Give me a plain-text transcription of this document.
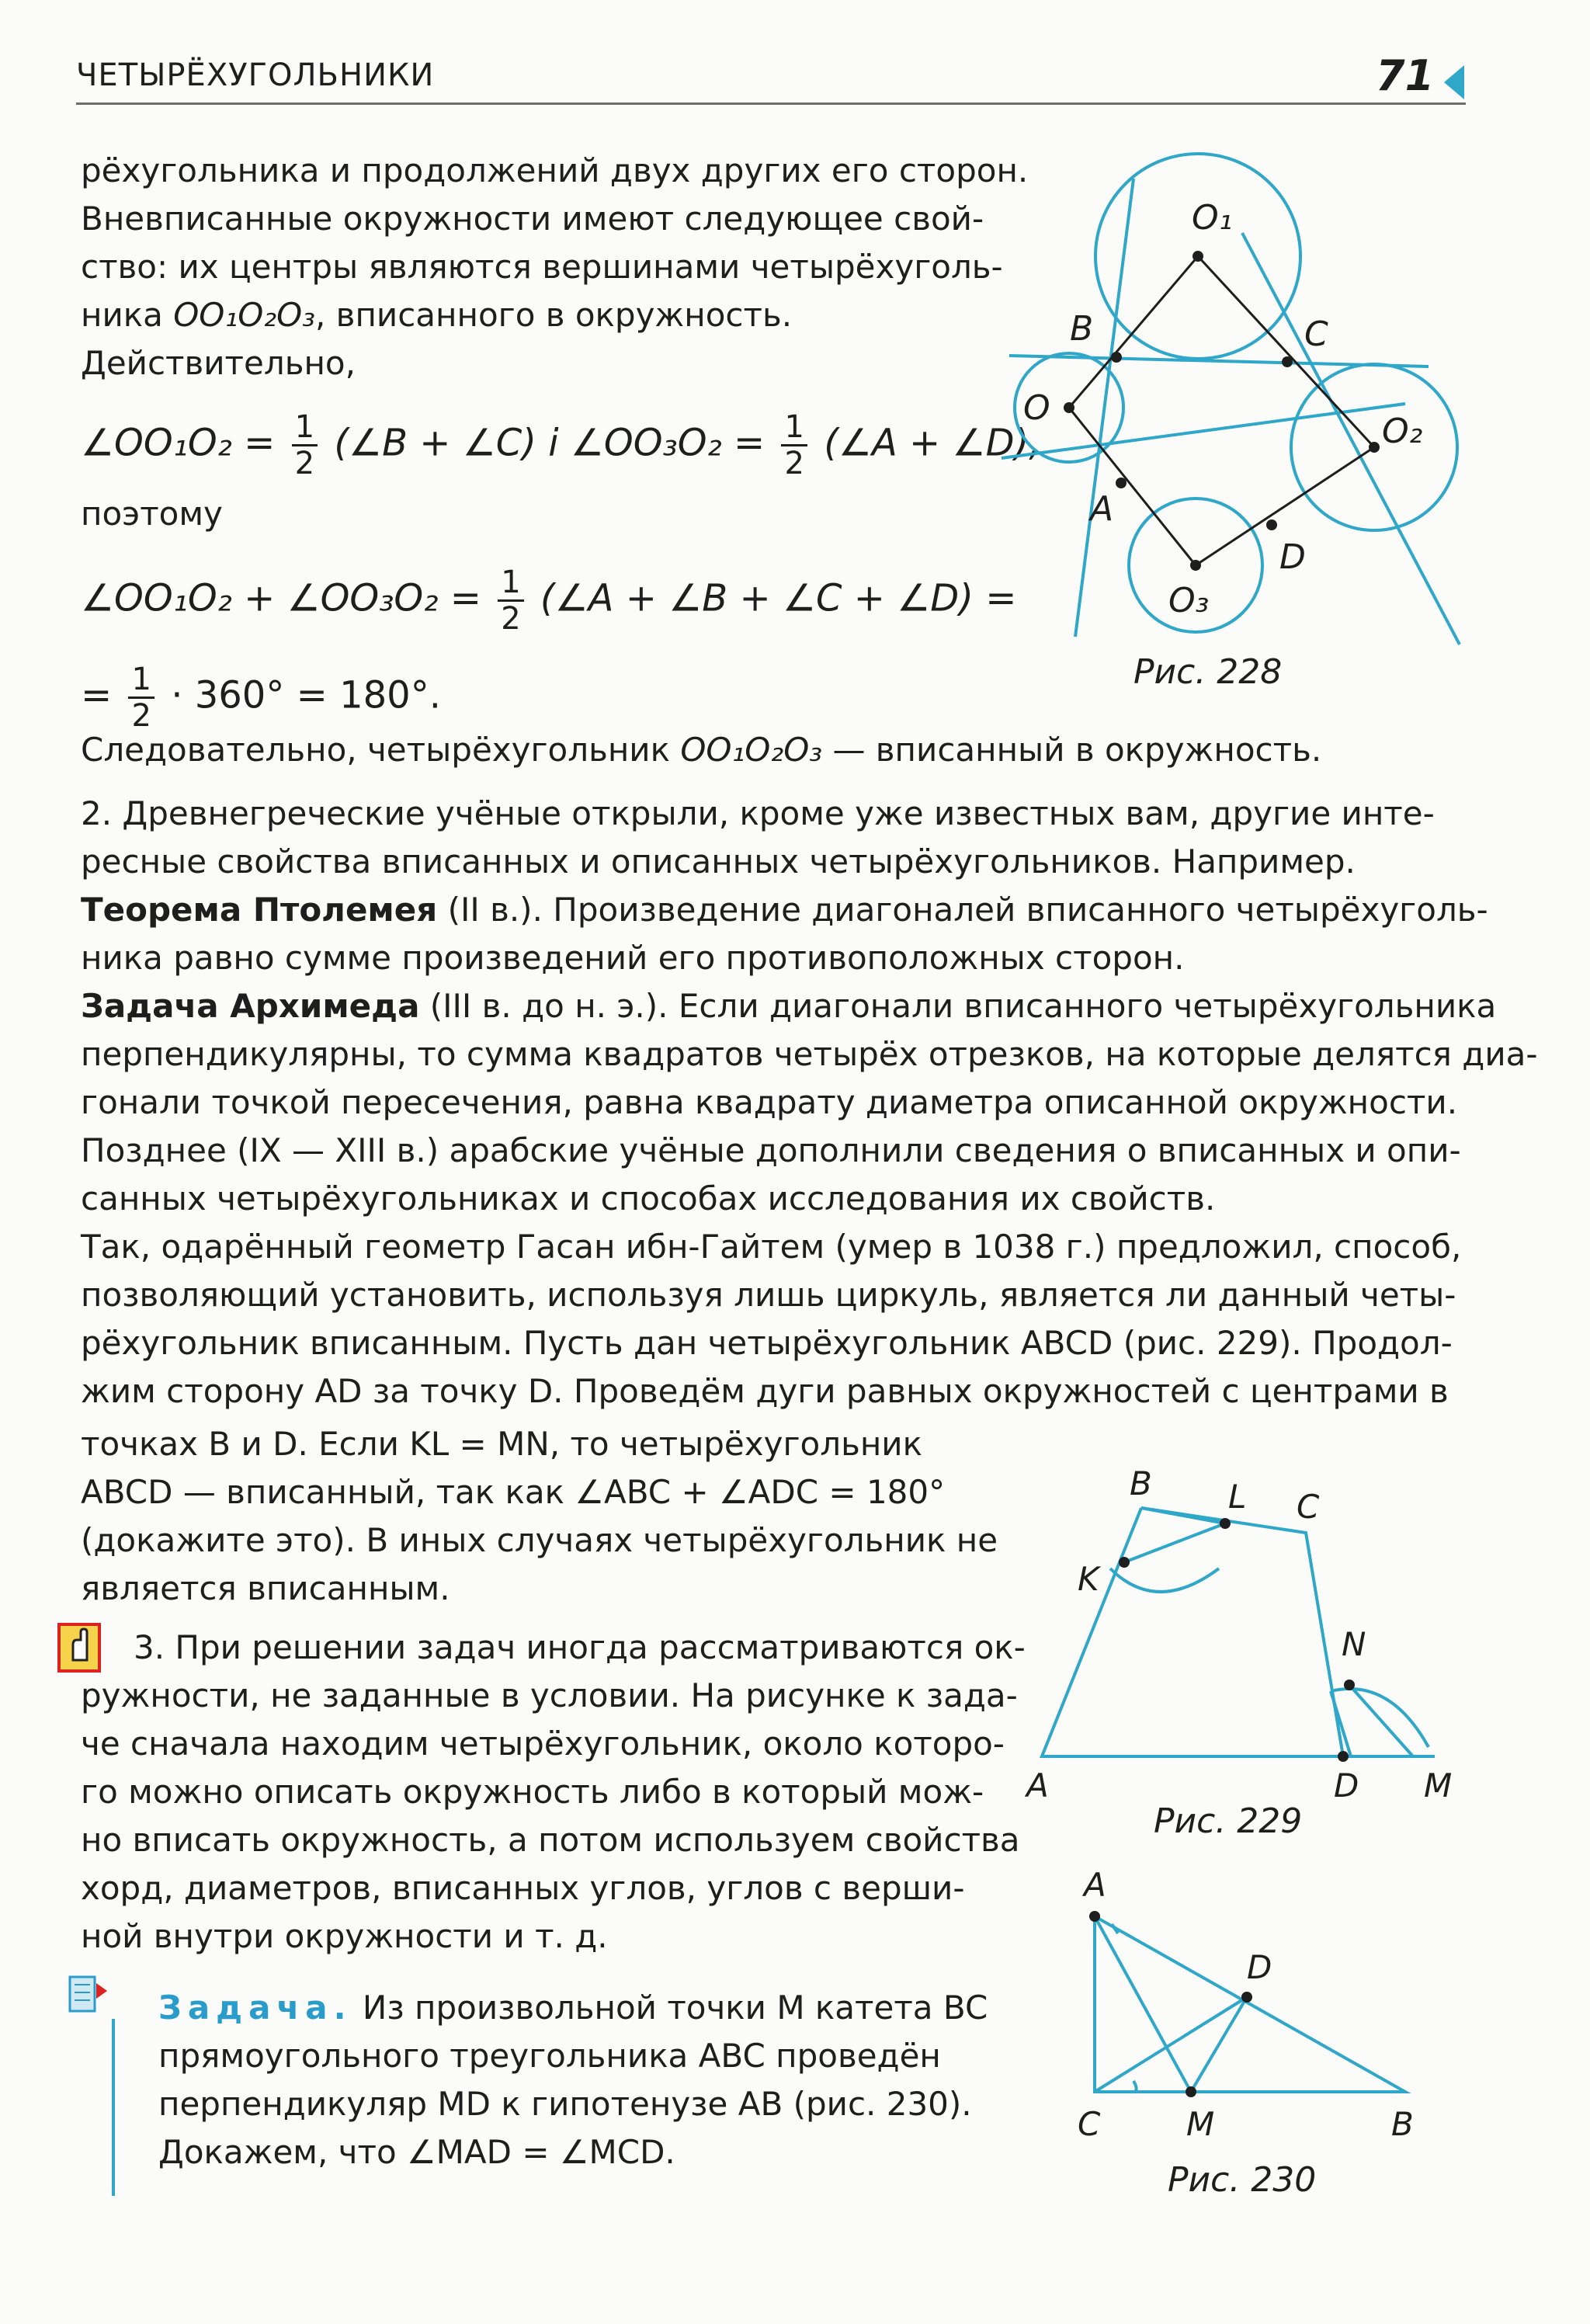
ЧЕТЫРЁХУГОЛЬНИКИ	71
рёхугольника и продолжений двух других его сторон.
Вневписанные окружности имеют следующее свой-
ство: их центры являются вершинами четырёхуголь-
ника OO₁O₂O₃, вписанного в окружность.
Действительно,
∠OO₁O₂ = $\frac{1}{2}$ (∠B + ∠C) і ∠OO₃O₂ = $\frac{1}{2}$ (∠A + ∠D),
поэтому
∠OO₁O₂ + ∠OO₃O₂ = $\frac{1}{2}$ (∠A + ∠B + ∠C + ∠D) =
= $\frac{1}{2} \cdot 360^\circ = 180^\circ$.
Следовательно, четырёхугольник OO₁O₂O₃ — вписанный в окружность.
2. Древнегреческие учёные открыли, кроме уже известных вам, другие инте-
ресные свойства вписанных и описанных четырёхугольников. Например.
Теорема Птолемея (II в.). Произведение диагоналей вписанного четырёхуголь-
ника равно сумме произведений его противоположных сторон.
Задача Архимеда (III в. до н. э.). Если диагонали вписанного четырёхугольника
перпендикулярны, то сумма квадратов четырёх отрезков, на которые делятся диа-
гонали точкой пересечения, равна квадрату диаметра описанной окружности.
Позднее (IX — XIII в.) арабские учёные дополнили сведения о вписанных и опи-
санных четырёхугольниках и способах исследования их свойств.
Так, одарённый геометр Гасан ибн-Гайтем (умер в 1038 г.) предложил, способ,
позволяющий установить, используя лишь циркуль, является ли данный четы-
рёхугольник вписанным. Пусть дан четырёхугольник ABCD (рис. 229). Продол-
жим сторону AD за точку D. Проведём дуги равных окружностей с центрами в
точках B и D. Если KL = MN, то четырёхугольник
ABCD — вписанный, так как ∠ABC + ∠ADC = 180°
(докажите это). В иных случаях четырёхугольник не
является вписанным.
3. При решении задач иногда рассматриваются ок-
ружности, не заданные в условии. На рисунке к зада-
че сначала находим четырёхугольник, около которо-
го можно описать окружность либо в который мож-
но вписать окружность, а потом используем свойства
хорд, диаметров, вписанных углов, углов с верши-
ной внутри окружности и т. д.
Задача. Из произвольной точки M катета BC
прямоугольного треугольника ABC проведён
перпендикуляр MD к гипотенузе AB (рис. 230).
Докажем, что ∠MAD = ∠MCD.
O₁
B	C
O
O₂
A
D
O₃
Рис. 228
B L C
K
N
A	D M
Рис. 229
A
D
C	M	B
Рис. 230
